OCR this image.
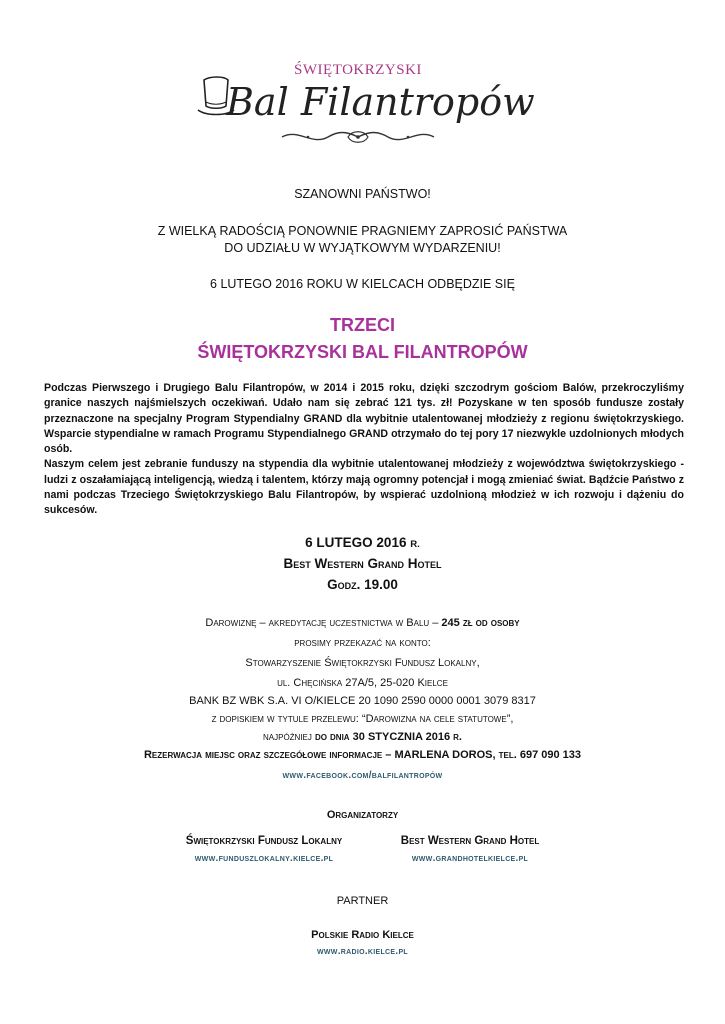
ŚWIĘTOKRZYSKI
Bal Filantropów
SZANOWNI PAŃSTWO!
Z WIELKĄ RADOŚCIĄ PONOWNIE PRAGNIEMY ZAPROSIĆ PAŃSTWA
DO UDZIAŁU W WYJĄTKOWYM WYDARZENIU!
6 LUTEGO 2016 ROKU W KIELCACH ODBĘDZIE SIĘ
TRZECI
ŚWIĘTOKRZYSKI BAL FILANTROPÓW

Podczas Pierwszego i Drugiego Balu Filantropów, w 2014 i 2015 roku, dzięki szczodrym gościom Balów, przekroczyliśmy granice naszych najśmielszych oczekiwań. Udało nam się zebrać 121 tys. zł! Pozyskane w ten sposób fundusze zostały przeznaczone na specjalny Program Stypendialny GRAND dla wybitnie utalentowanej młodzieży z regionu świętokrzyskiego. Wsparcie stypendialne w ramach Programu Stypendialnego GRAND otrzymało do tej pory 17 niezwykle uzdolnionych młodych osób.

Naszym celem jest zebranie funduszy na stypendia dla wybitnie utalentowanej młodzieży z województwa świętokrzyskiego - ludzi z oszałamiającą inteligencją, wiedzą i talentem, którzy mają ogromny potencjał i mogą zmieniać świat. Bądźcie Państwo z nami podczas Trzeciego Świętokrzyskiego Balu Filantropów, by wspierać uzdolnioną młodzież w ich rozwoju i dążeniu do sukcesów.

6 LUTEGO 2016 R.
Best Western Grand Hotel
Godz. 19.00
Darowiznę – akredytację uczestnictwa w Balu – 245 zł od osoby
prosimy przekazać na konto:
Stowarzyszenie Świętokrzyski Fundusz Lokalny,
ul. Chęcińska 27A/5, 25-020 Kielce
BANK BZ WBK S.A. VI O/KIELCE 20 1090 2590 0000 0001 3079 8317
z dopiskiem w tytule przelewu: “Darowizna na cele statutowe”,
najpóźniej do dnia 30 STYCZNIA 2016 r.
Rezerwacja miejsc oraz szczegółowe informacje – MARLENA DOROS, tel. 697 090 133
www.facebook.com/balfilantropów
Organizatorzy
Świętokrzyski Fundusz Lokalny
www.funduszlokalny.kielce.pl
Best Western Grand Hotel
www.grandhotelkielce.pl
PARTNER
Polskie Radio Kielce
www.radio.kielce.pl
